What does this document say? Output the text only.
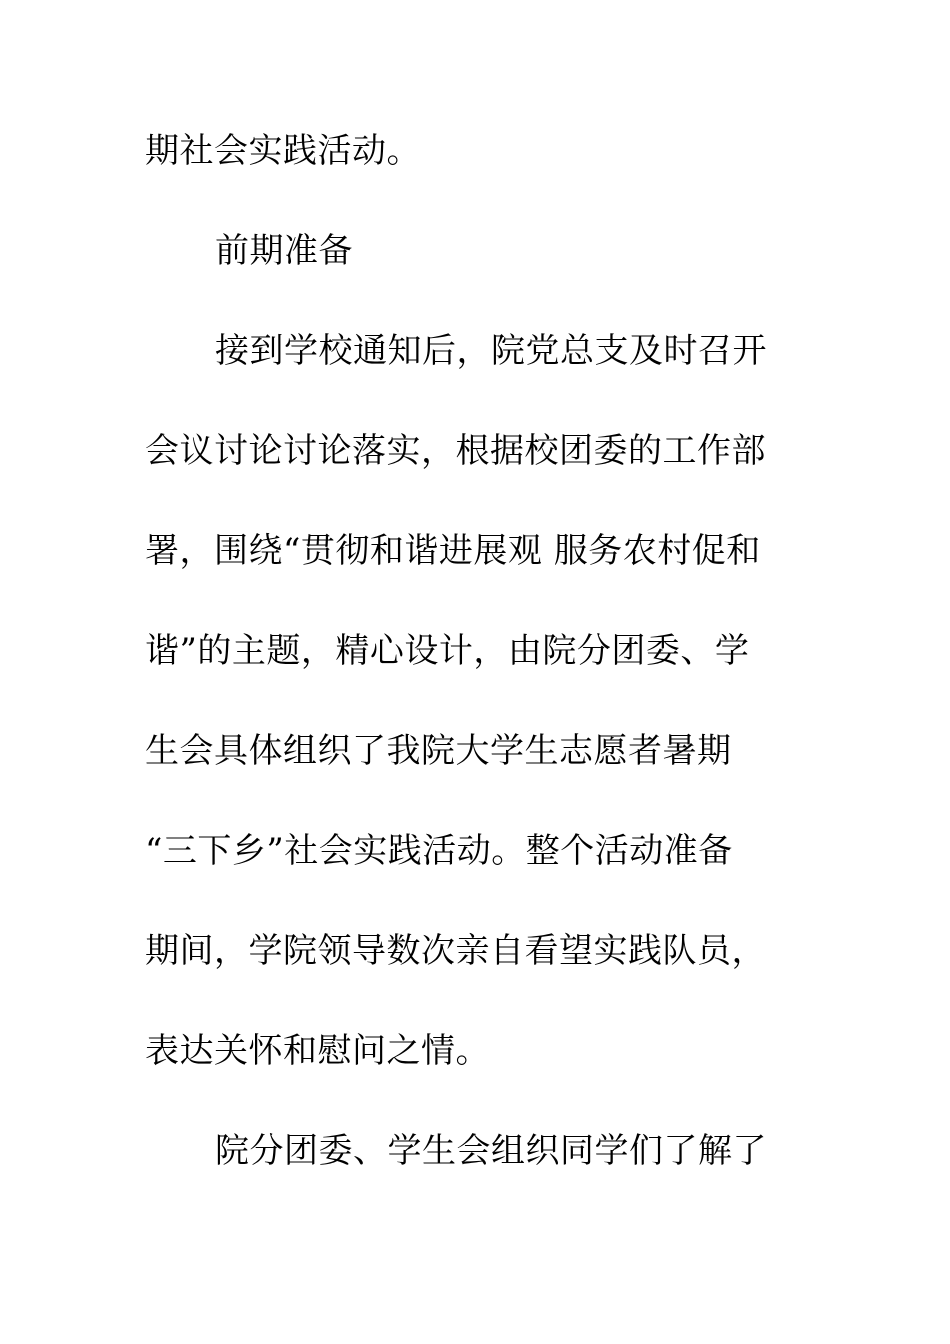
期社会实践活动。
前期准备
接到学校通知后，院党总支及时召开
会议讨论讨论落实，根据校团委的工作部
署，围绕“贯彻和谐进展观 服务农村促和
谐”的主题，精心设计，由院分团委、学
生会具体组织了我院大学生志愿者暑期
“三下乡”社会实践活动。整个活动准备
期间，学院领导数次亲自看望实践队员，
表达关怀和慰问之情。
院分团委、学生会组织同学们了解了
